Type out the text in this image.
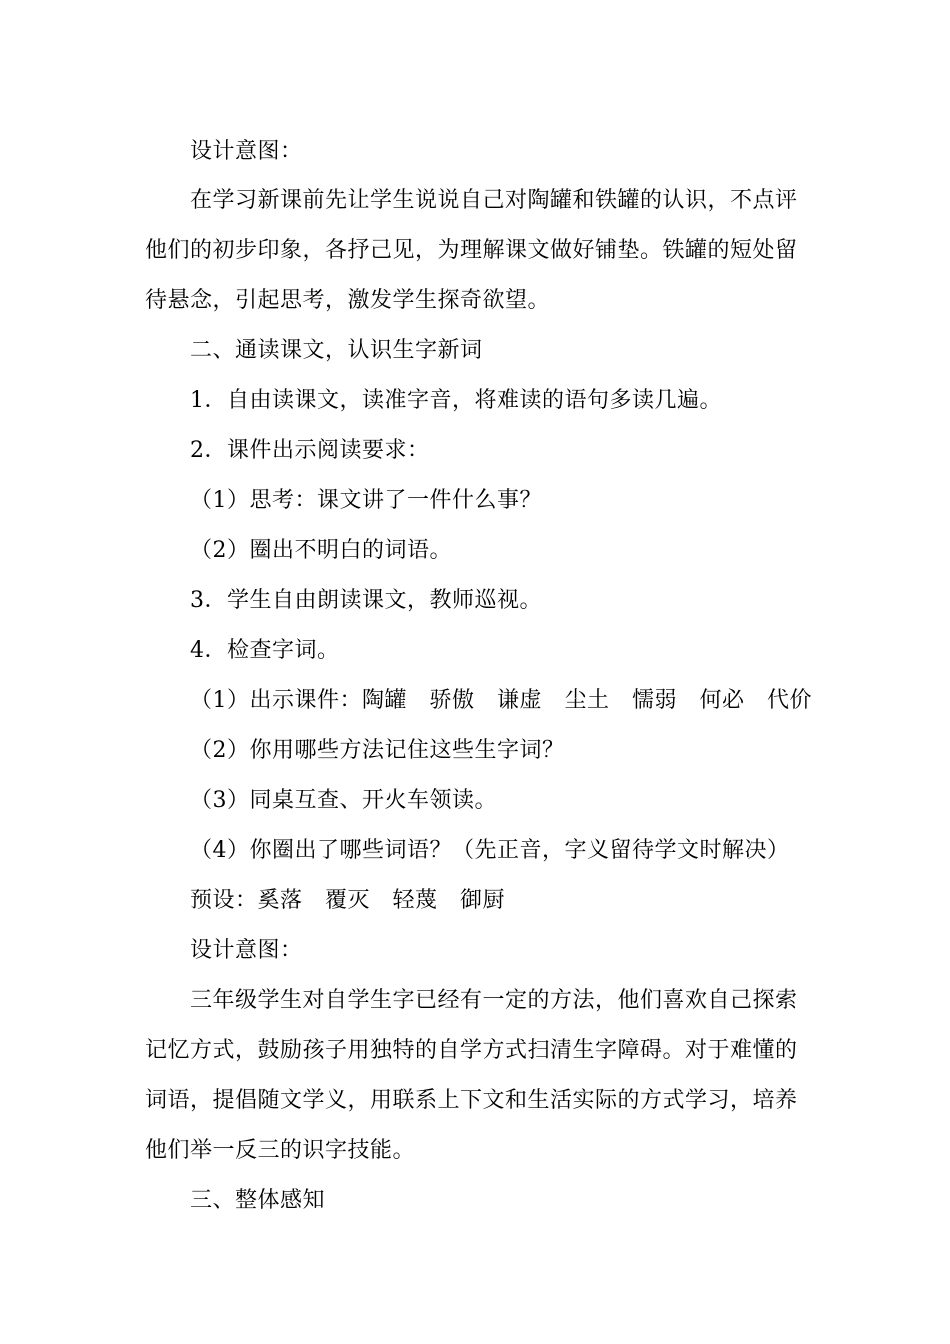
设计意图：
在学习新课前先让学生说说自己对陶罐和铁罐的认识，不点评
他们的初步印象，各抒己见，为理解课文做好铺垫。铁罐的短处留
待悬念，引起思考，激发学生探奇欲望。
二、通读课文，认识生字新词
1．自由读课文，读准字音，将难读的语句多读几遍。
2．课件出示阅读要求：
（1）思考：课文讲了一件什么事？
（2）圈出不明白的词语。
3．学生自由朗读课文，教师巡视。
4．检查字词。
（1）出示课件：陶罐　骄傲　谦虚　尘土　懦弱　何必　代价
（2）你用哪些方法记住这些生字词？
（3）同桌互查、开火车领读。
（4）你圈出了哪些词语？（先正音，字义留待学文时解决）
预设：奚落　覆灭　轻蔑　御厨
设计意图：
三年级学生对自学生字已经有一定的方法，他们喜欢自己探索
记忆方式，鼓励孩子用独特的自学方式扫清生字障碍。对于难懂的
词语，提倡随文学义，用联系上下文和生活实际的方式学习，培养
他们举一反三的识字技能。
三、整体感知
